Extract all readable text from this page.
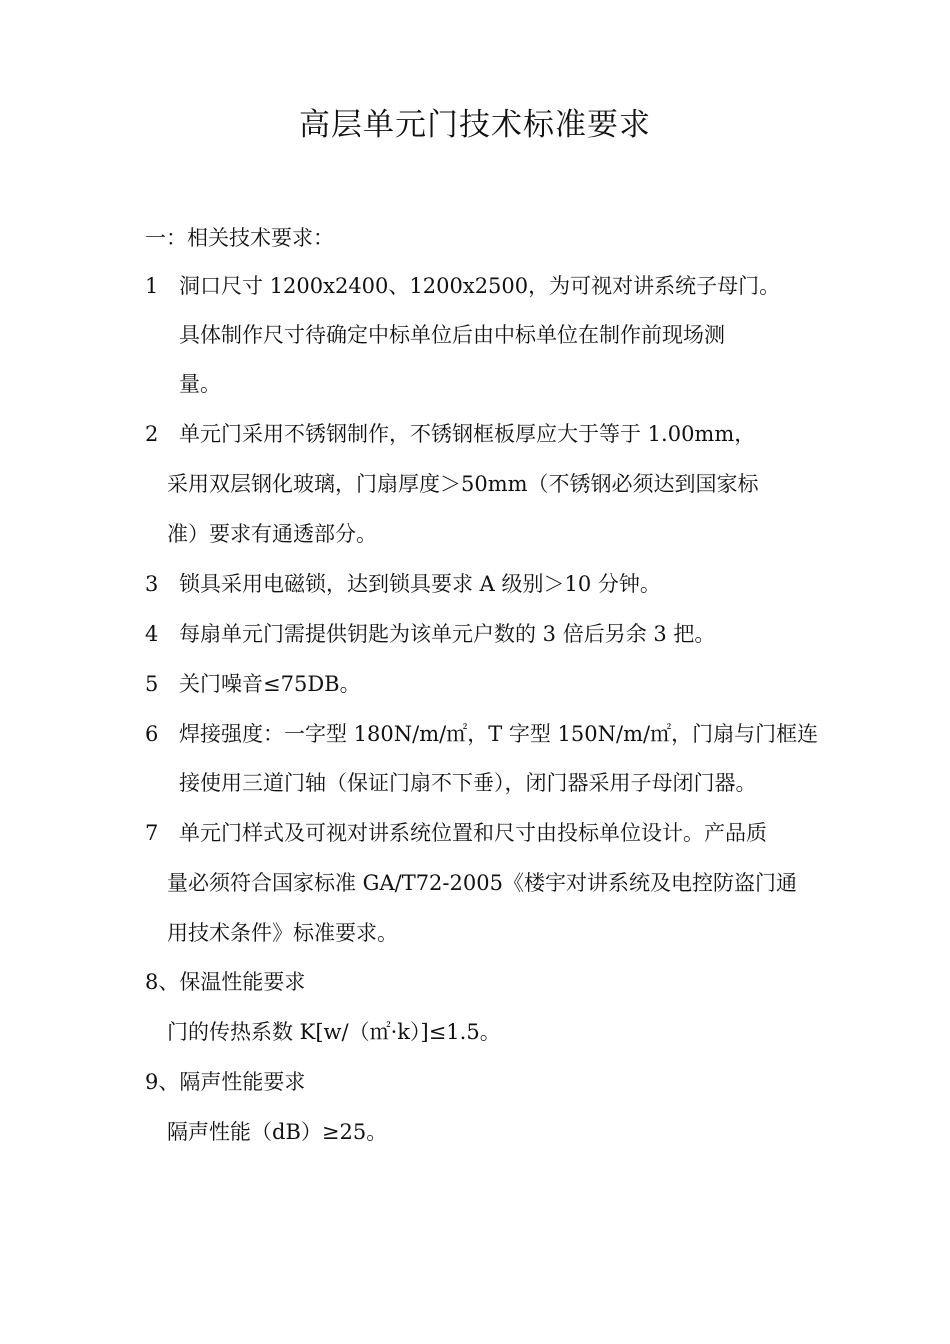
高层单元门技术标准要求
一：相关技术要求：
1 洞口尺寸 1200x2400、1200x2500，为可视对讲系统子母门。
具体制作尺寸待确定中标单位后由中标单位在制作前现场测
量。
2 单元门采用不锈钢制作，不锈钢框板厚应大于等于 1.00mm，
采用双层钢化玻璃，门扇厚度＞50mm（不锈钢必须达到国家标
准）要求有通透部分。
3 锁具采用电磁锁，达到锁具要求 A 级别＞10 分钟。
4 每扇单元门需提供钥匙为该单元户数的 3 倍后另余 3 把。
5 关门噪音≤75DB。
6 焊接强度：一字型 180N/m/㎡，T 字型 150N/m/㎡，门扇与门框连
接使用三道门轴（保证门扇不下垂），闭门器采用子母闭门器。
7 单元门样式及可视对讲系统位置和尺寸由投标单位设计。产品质
量必须符合国家标准 GA/T72-2005《楼宇对讲系统及电控防盗门通
用技术条件》标准要求。
8、保温性能要求
门的传热系数 K[w/（㎡·k）]≤1.5。
9、隔声性能要求
隔声性能（dB）≥25。
